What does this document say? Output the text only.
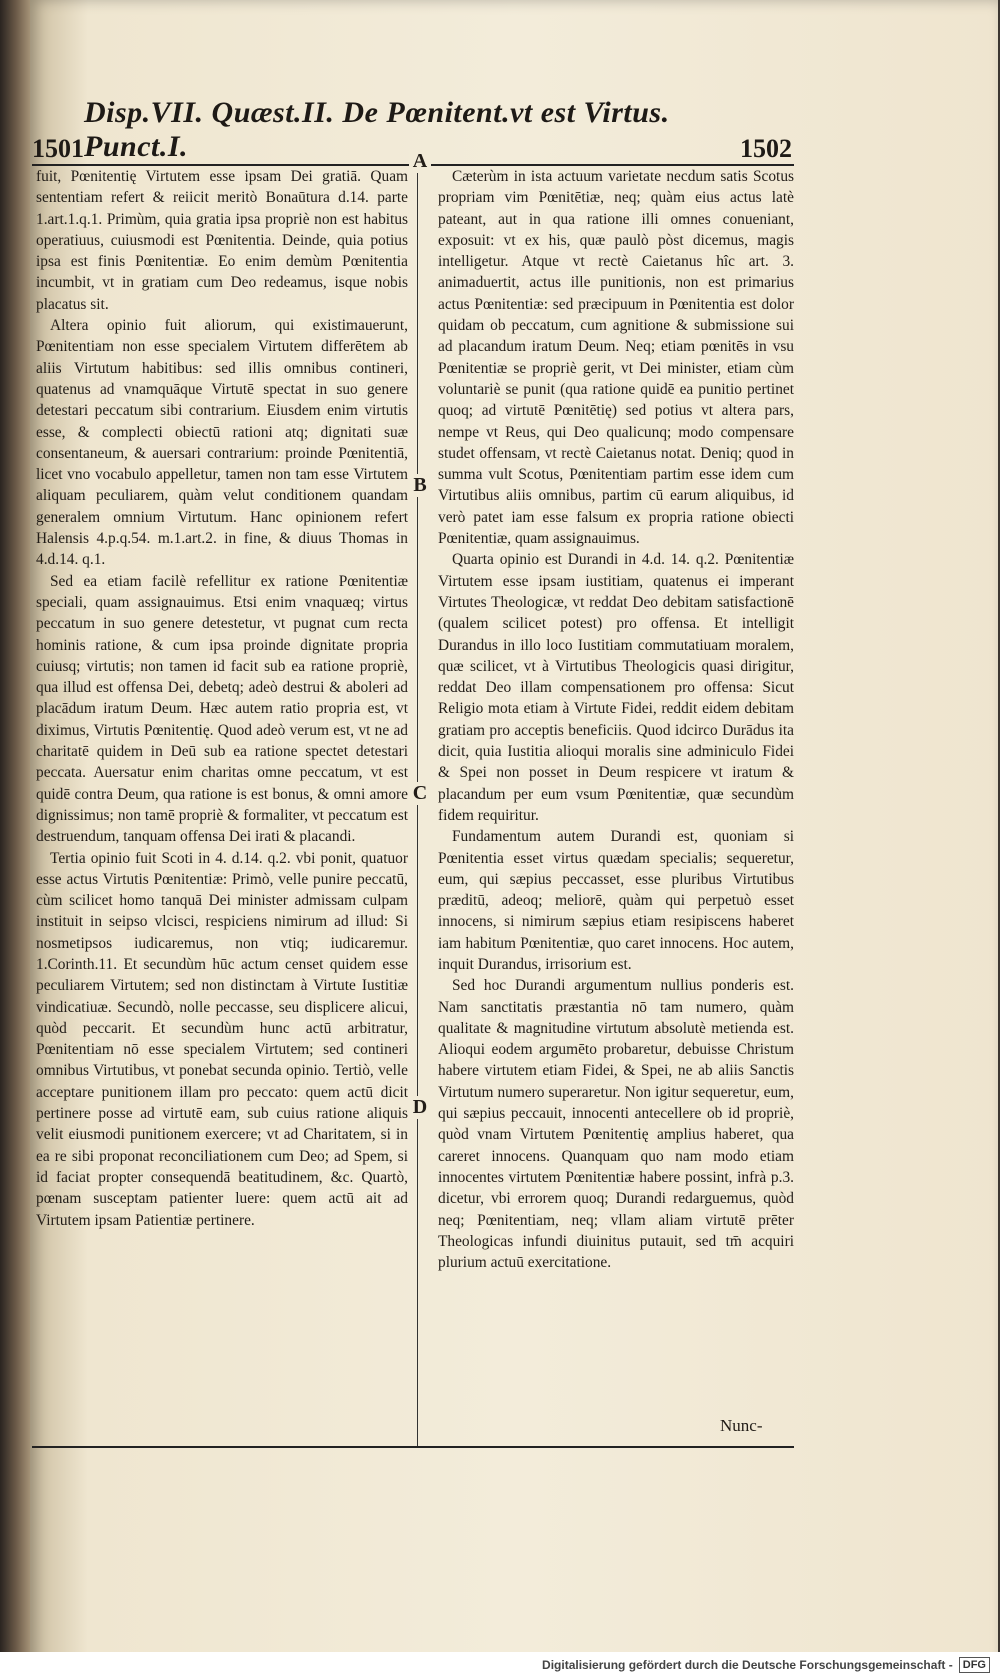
1501
Disp.VII. Quæst.II. De Pœnitent.vt est Virtus. Punct.I.	1502

fuit, Pœnitentię Virtutem esse ipsam Dei gratiā. Quam sententiam refert & reiicit meritò Bonaūtura d.14. parte 1.art.1.q.1. Primùm, quia gratia ipsa propriè non est habitus operatiuus, cuiusmodi est Pœnitentia. Deinde, quia potius ipsa est finis Pœnitentiæ. Eo enim demùm Pœnitentia incumbit, vt in gratiam cum Deo redeamus, isque nobis placatus sit.

Altera opinio fuit aliorum, qui existimauerunt, Pœnitentiam non esse specialem Virtutem differētem ab aliis Virtutum habitibus: sed illis omnibus contineri, quatenus ad vnamquāque Virtutē spectat in suo genere detestari peccatum sibi contrarium. Eiusdem enim virtutis esse, & complecti obiectū rationi atq; dignitati suæ consentaneum, & auersari contrarium: proinde Pœnitentiā, licet vno vocabulo appelletur, tamen non tam esse Virtutem aliquam peculiarem, quàm velut conditionem quandam generalem omnium Virtutum. Hanc opinionem refert Halensis 4.p.q.54. m.1.art.2. in fine, & diuus Thomas in 4.d.14. q.1.

Sed ea etiam facilè refellitur ex ratione Pœnitentiæ speciali, quam assignauimus. Etsi enim vnaquæq; virtus peccatum in suo genere detestetur, vt pugnat cum recta hominis ratione, & cum ipsa proinde dignitate propria cuiusq; virtutis; non tamen id facit sub ea ratione propriè, qua illud est offensa Dei, debetq; adeò destrui & aboleri ad placādum iratum Deum. Hæc autem ratio propria est, vt diximus, Virtutis Pœnitentię. Quod adeò verum est, vt ne ad charitatē quidem in Deū sub ea ratione spectet detestari peccata. Auersatur enim charitas omne peccatum, vt est quidē contra Deum, qua ratione is est bonus, & omni amore dignissimus; non tamē propriè & formaliter, vt peccatum est destruendum, tanquam offensa Dei irati & placandi.

Tertia opinio fuit Scoti in 4. d.14. q.2. vbi ponit, quatuor esse actus Virtutis Pœnitentiæ: Primò, velle punire peccatū, cùm scilicet homo tanquā Dei minister admissam culpam instituit in seipso vlcisci, respiciens nimirum ad illud: Si nosmetipsos iudicaremus, non vtiq; iudicaremur. 1.Corinth.11. Et secundùm hūc actum censet quidem esse peculiarem Virtutem; sed non distinctam à Virtute Iustitiæ vindicatiuæ. Secundò, nolle peccasse, seu displicere alicui, quòd peccarit. Et secundùm hunc actū arbitratur, Pœnitentiam nō esse specialem Virtutem; sed contineri omnibus Virtutibus, vt ponebat secunda opinio. Tertiò, velle acceptare punitionem illam pro peccato: quem actū dicit pertinere posse ad virtutē eam, sub cuius ratione aliquis velit eiusmodi punitionem exercere; vt ad Charitatem, si in ea re sibi proponat reconciliationem cum Deo; ad Spem, si id faciat propter consequendā beatitudinem, &c. Quartò, pœnam susceptam patienter luere: quem actū ait ad Virtutem ipsam Patientiæ pertinere.

A
B
C
D

Cæterùm in ista actuum varietate necdum satis Scotus propriam vim Pœnitētiæ, neq; quàm eius actus latè pateant, aut in qua ratione illi omnes conueniant, exposuit: vt ex his, quæ paulò pòst dicemus, magis intelligetur. Atque vt rectè Caietanus hîc art. 3. animaduertit, actus ille punitionis, non est primarius actus Pœnitentiæ: sed præcipuum in Pœnitentia est dolor quidam ob peccatum, cum agnitione & submissione sui ad placandum iratum Deum. Neq; etiam pœnitēs in vsu Pœnitentiæ se propriè gerit, vt Dei minister, etiam cùm voluntariè se punit (qua ratione quidē ea punitio pertinet quoq; ad virtutē Pœnitētię) sed potius vt altera pars, nempe vt Reus, qui Deo qualicunq; modo compensare studet offensam, vt rectè Caietanus notat. Deniq; quod in summa vult Scotus, Pœnitentiam partim esse idem cum Virtutibus aliis omnibus, partim cū earum aliquibus, id verò patet iam esse falsum ex propria ratione obiecti Pœnitentiæ, quam assignauimus.

Quarta opinio est Durandi in 4.d. 14. q.2. Pœnitentiæ Virtutem esse ipsam iustitiam, quatenus ei imperant Virtutes Theologicæ, vt reddat Deo debitam satisfactionē (qualem scilicet potest) pro offensa. Et intelligit Durandus in illo loco Iustitiam commutatiuam moralem, quæ scilicet, vt à Virtutibus Theologicis quasi dirigitur, reddat Deo illam compensationem pro offensa: Sicut Religio mota etiam à Virtute Fidei, reddit eidem debitam gratiam pro acceptis beneficiis. Quod idcirco Durādus ita dicit, quia Iustitia alioqui moralis sine adminiculo Fidei & Spei non posset in Deum respicere vt iratum & placandum per eum vsum Pœnitentiæ, quæ secundùm fidem requiritur.

Fundamentum autem Durandi est, quoniam si Pœnitentia esset virtus quædam specialis; sequeretur, eum, qui sæpius peccasset, esse pluribus Virtutibus præditū, adeoq; meliorē, quàm qui perpetuò esset innocens, si nimirum sæpius etiam resipiscens haberet iam habitum Pœnitentiæ, quo caret innocens. Hoc autem, inquit Durandus, irrisorium est.

Sed hoc Durandi argumentum nullius ponderis est. Nam sanctitatis præstantia nō tam numero, quàm qualitate & magnitudine virtutum absolutè metienda est. Alioqui eodem argumēto probaretur, debuisse Christum habere virtutem etiam Fidei, & Spei, ne ab aliis Sanctis Virtutum numero superaretur. Non igitur sequeretur, eum, qui sæpius peccauit, innocenti antecellere ob id propriè, quòd vnam Virtutem Pœnitentię amplius haberet, qua careret innocens. Quanquam quo nam modo etiam innocentes virtutem Pœnitentiæ habere possint, infrà p.3. dicetur, vbi errorem quoq; Durandi redarguemus, quòd neq; Pœnitentiam, neq; vllam aliam virtutē prēter Theologicas infundi diuinitus putauit, sed tm̄ acquiri plurium actuū exercitatione.

Nunc-
Digitalisierung gefördert durch die Deutsche Forschungsgemeinschaft - DFG
